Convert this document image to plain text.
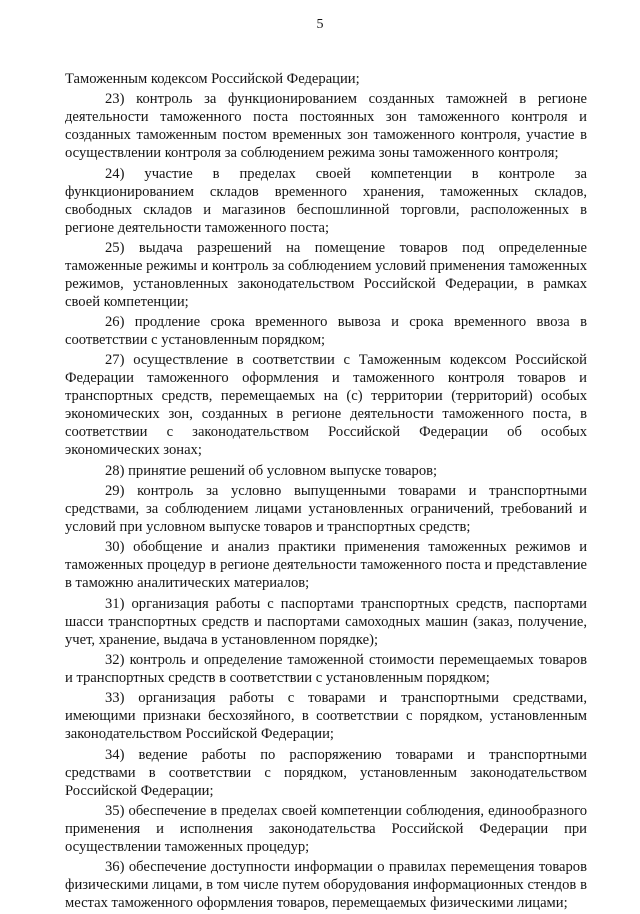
5

Таможенным кодексом Российской Федерации;

23) контроль за функционированием созданных таможней в регионе деятельности таможенного поста постоянных зон таможенного контроля и созданных таможенным постом временных зон таможенного контроля, участие в осуществлении контроля за соблюдением режима зоны таможенного контроля;

24) участие в пределах своей компетенции в контроле за функционированием складов временного хранения, таможенных складов, свободных складов и магазинов беспошлинной торговли, расположенных в регионе деятельности таможенного поста;

25) выдача разрешений на помещение товаров под определенные таможенные режимы и контроль за соблюдением условий применения таможенных режимов, установленных законодательством Российской Федерации, в рамках своей компетенции;

26) продление срока временного вывоза и срока временного ввоза в соответствии с установленным порядком;

27) осуществление в соответствии с Таможенным кодексом Российской Федерации таможенного оформления и таможенного контроля товаров и транспортных средств, перемещаемых на (с) территории (территорий) особых экономических зон, созданных в регионе деятельности таможенного поста, в соответствии с законодательством Российской Федерации об особых экономических зонах;

28) принятие решений об условном выпуске товаров;

29) контроль за условно выпущенными товарами и транспортными средствами, за соблюдением лицами установленных ограничений, требований и условий при условном выпуске товаров и транспортных средств;

30) обобщение и анализ практики применения таможенных режимов и таможенных процедур в регионе деятельности таможенного поста и представление в таможню аналитических материалов;

31) организация работы с паспортами транспортных средств, паспортами шасси транспортных средств и паспортами самоходных машин (заказ, получение, учет, хранение, выдача в установленном порядке);

32) контроль и определение таможенной стоимости перемещаемых товаров и транспортных средств в соответствии с установленным порядком;

33) организация работы с товарами и транспортными средствами, имеющими признаки бесхозяйного, в соответствии с порядком, установленным законодательством Российской Федерации;

34) ведение работы по распоряжению товарами и транспортными средствами в соответствии с порядком, установленным законодательством Российской Федерации;

35) обеспечение в пределах своей компетенции соблюдения, единообразного применения и исполнения законодательства Российской Федерации при осуществлении таможенных процедур;

36) обеспечение доступности информации о правилах перемещения товаров физическими лицами, в том числе путем оборудования информационных стендов в местах таможенного оформления товаров, перемещаемых физическими лицами;
